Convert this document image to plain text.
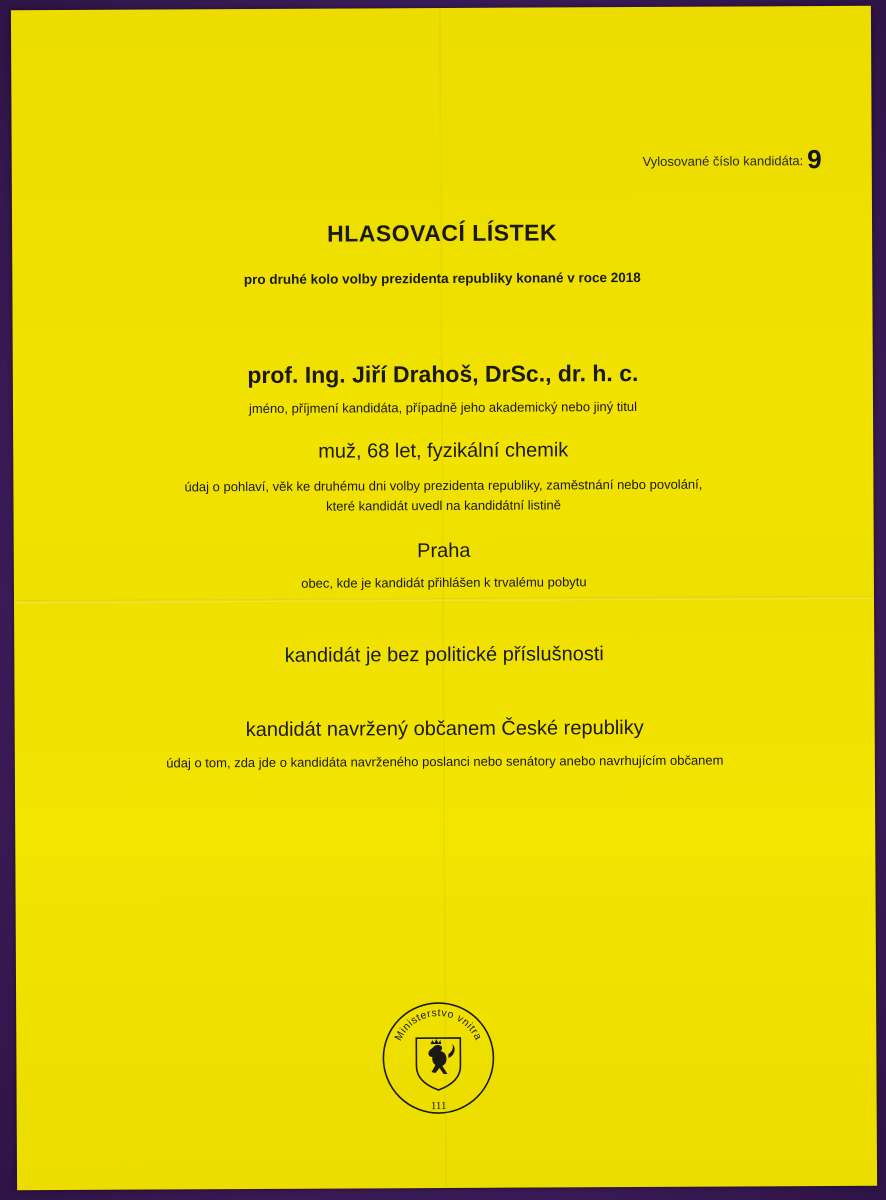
Vylosované číslo kandidáta: 9
HLASOVACÍ LÍSTEK
pro druhé kolo volby prezidenta republiky konané v roce 2018
prof. Ing. Jiří Drahoš, DrSc., dr. h. c.
jméno, příjmení kandidáta, případně jeho akademický nebo jiný titul
muž, 68 let, fyzikální chemik
údaj o pohlaví, věk ke druhému dni volby prezidenta republiky, zaměstnání nebo povolání,
které kandidát uvedl na kandidátní listině
Praha
obec, kde je kandidát přihlášen k trvalému pobytu
kandidát je bez politické příslušnosti
kandidát navržený občanem České republiky
údaj o tom, zda jde o kandidáta navrženého poslanci nebo senátory anebo navrhujícím občanem
Ministerstvo vnitra
111
